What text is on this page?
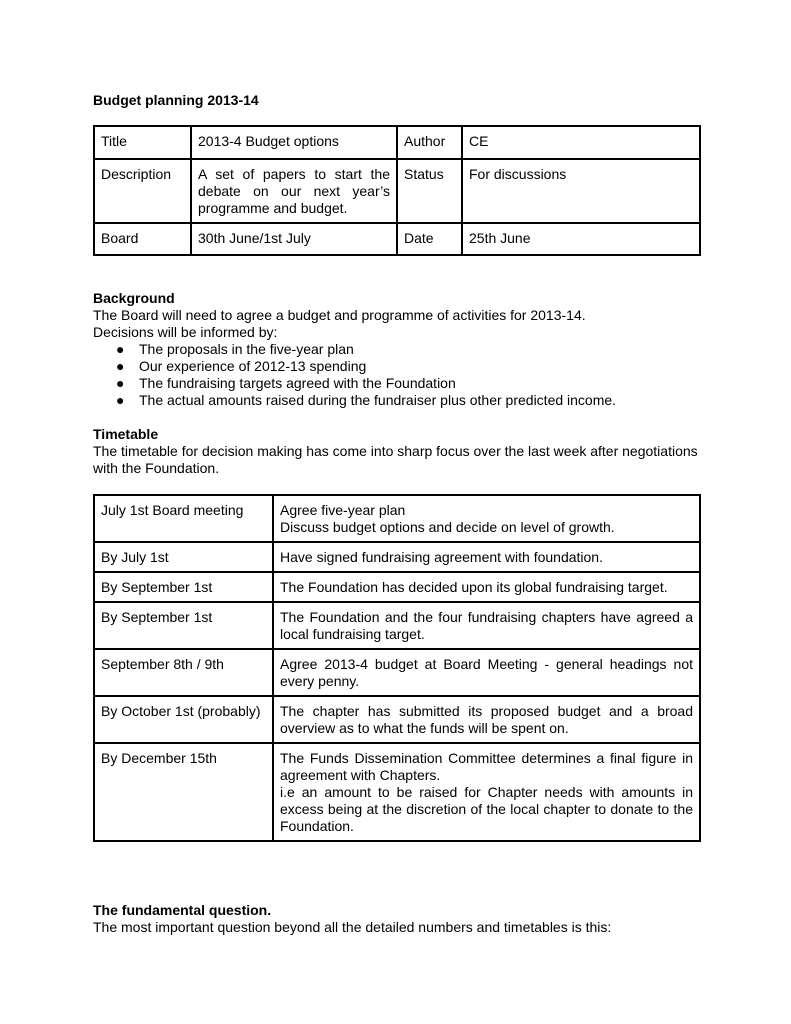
Budget planning 2013-14

Title	2013-4 Budget options	Author	CE
Description	A set of papers to start the debate on our next year’s programme and budget.	Status	For discussions
Board	30th June/1st July	Date	25th June

Background

The Board will need to agree a budget and programme of activities for 2013-14.

Decisions will be informed by:

● The proposals in the five-year plan
● Our experience of 2012-13 spending
● The fundraising targets agreed with the Foundation
● The actual amounts raised during the fundraiser plus other predicted income.

Timetable

The timetable for decision making has come into sharp focus over the last week after negotiations with the Foundation.

July 1st Board meeting	Agree five-year plan
Discuss budget options and decide on level of growth.

By July 1st	Have signed fundraising agreement with foundation.

By September 1st	The Foundation has decided upon its global fundraising target.

By September 1st	The Foundation and the four fundraising chapters have agreed a local fundraising target.

September 8th / 9th	Agree 2013-4 budget at Board Meeting - general headings not every penny.

By October 1st (probably)	The chapter has submitted its proposed budget and a broad overview as to what the funds will be spent on.

By December 15th	The Funds Dissemination Committee determines a final figure in agreement with Chapters.
i.e an amount to be raised for Chapter needs with amounts in excess being at the discretion of the local chapter to donate to the Foundation.

The fundamental question.

The most important question beyond all the detailed numbers and timetables is this:
